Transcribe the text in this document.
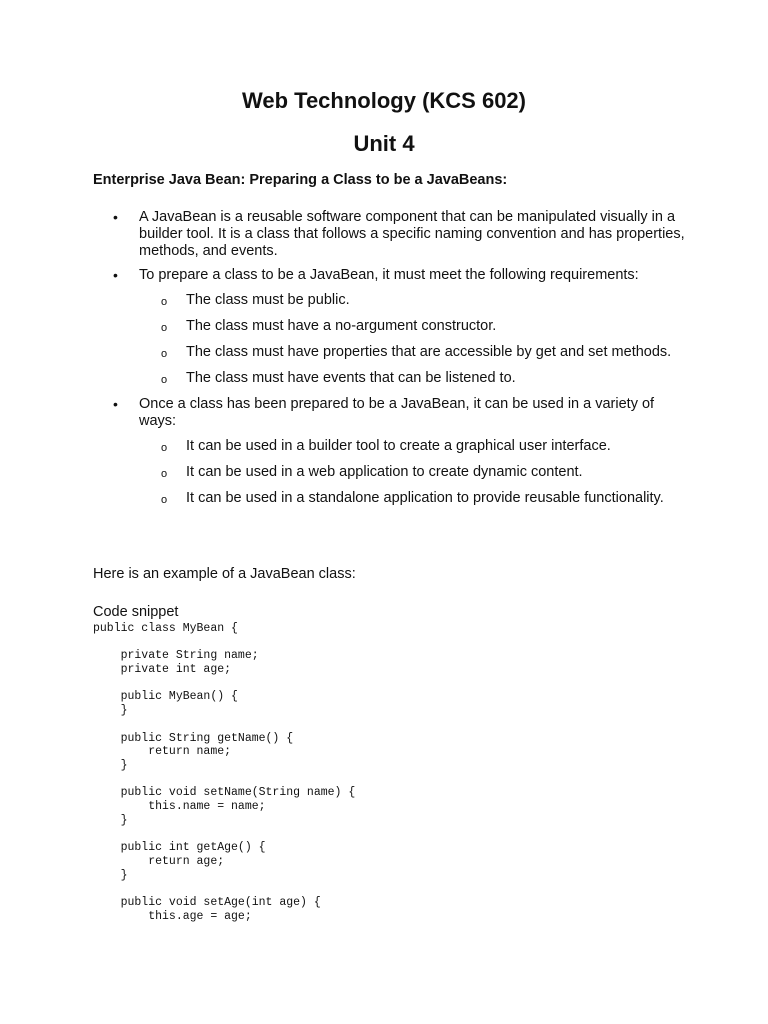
Web Technology (KCS 602)
Unit 4

Enterprise Java Bean: Preparing a Class to be a JavaBeans:

• A JavaBean is a reusable software component that can be manipulated visually in a builder tool. It is a class that follows a specific naming convention and has properties, methods, and events.
• To prepare a class to be a JavaBean, it must meet the following requirements:
o The class must be public.
o The class must have a no-argument constructor.
o The class must have properties that are accessible by get and set methods.
o The class must have events that can be listened to.
• Once a class has been prepared to be a JavaBean, it can be used in a variety of ways:
o It can be used in a builder tool to create a graphical user interface.
o It can be used in a web application to create dynamic content.
o It can be used in a standalone application to provide reusable functionality.

Here is an example of a JavaBean class:

Code snippet

public class MyBean {
private String name;
private int age;
public MyBean() {
}
public String getName() {
return name;
}
public void setName(String name) {
this.name = name;
}
public int getAge() {
return age;
}
public void setAge(int age) {
this.age = age;
